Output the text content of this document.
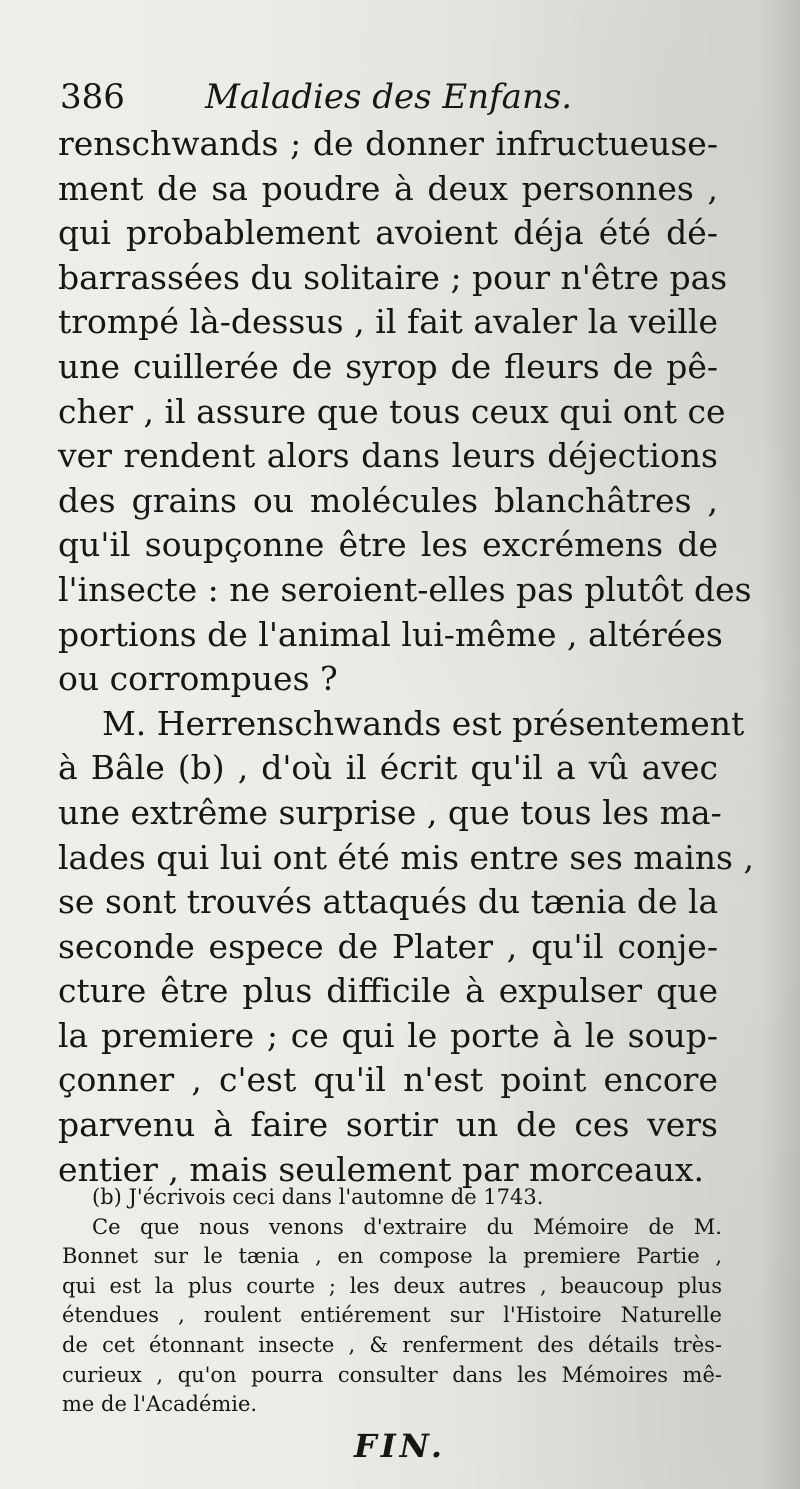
386 Maladies des Enfans.
renschwands ; de donner infructueuse-
ment de sa poudre à deux personnes ,
qui probablement avoient déja été dé-
barrassées du solitaire ; pour n'être pas
trompé là-dessus , il fait avaler la veille
une cuillerée de syrop de fleurs de pê-
cher , il assure que tous ceux qui ont ce
ver rendent alors dans leurs déjections
des grains ou molécules blanchâtres ,
qu'il soupçonne être les excrémens de
l'insecte : ne seroient-elles pas plutôt des
portions de l'animal lui-même , altérées
ou corrompues ?
M. Herrenschwands est présentement
à Bâle (b) , d'où il écrit qu'il a vû avec
une extrême surprise , que tous les ma-
lades qui lui ont été mis entre ses mains ,
se sont trouvés attaqués du tænia de la
seconde espece de Plater , qu'il conje-
cture être plus difficile à expulser que
la premiere ; ce qui le porte à le soup-
çonner , c'est qu'il n'est point encore
parvenu à faire sortir un de ces vers
entier , mais seulement par morceaux.
(b) J'écrivois ceci dans l'automne de 1743.
Ce que nous venons d'extraire du Mémoire de M.
Bonnet sur le tænia , en compose la premiere Partie ,
qui est la plus courte ; les deux autres , beaucoup plus
étendues , roulent entiérement sur l'Histoire Naturelle
de cet étonnant insecte , & renferment des détails très-
curieux , qu'on pourra consulter dans les Mémoires mê-
me de l'Académie.
FIN.
